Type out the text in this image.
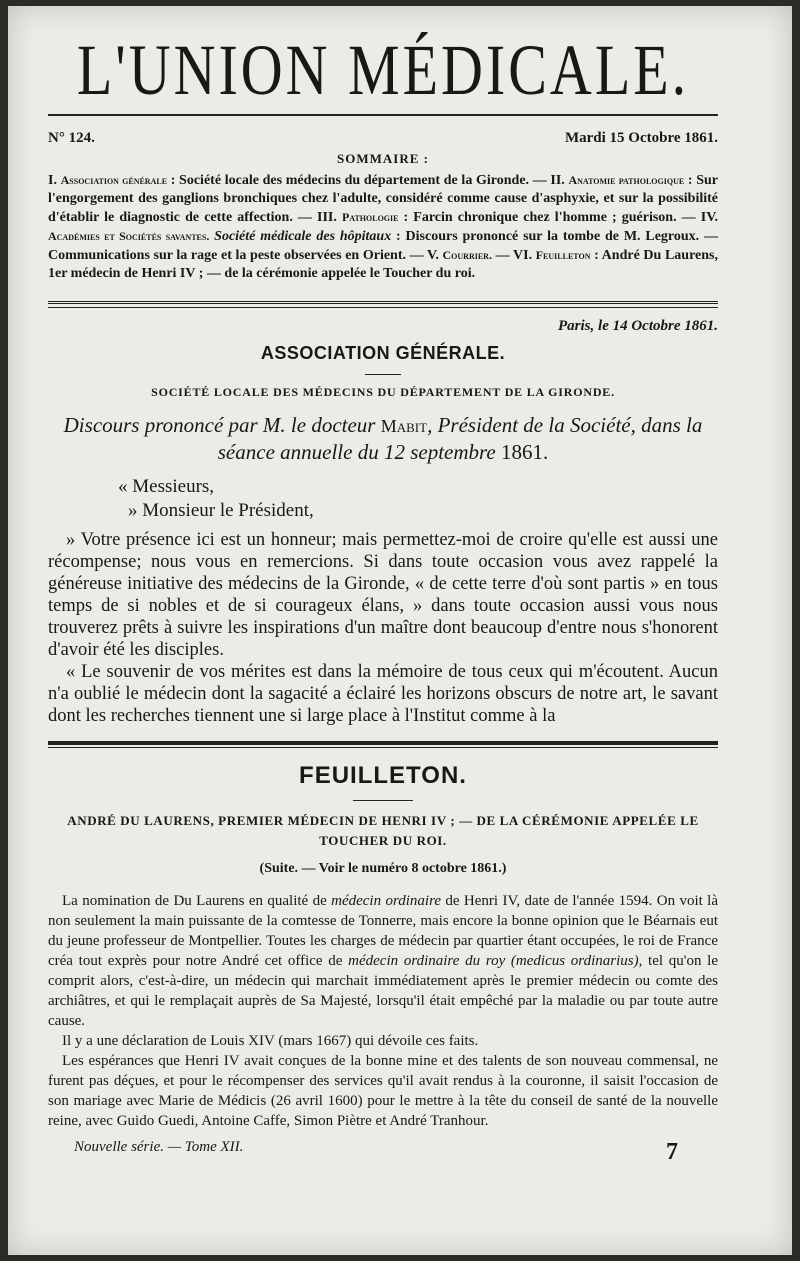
L'UNION MÉDICALE.
N° 124.	Mardi 15 Octobre 1861.
SOMMAIRE :
I. Association générale : Société locale des médecins du département de la Gironde. — II. Anatomie pathologique : Sur l'engorgement des ganglions bronchiques chez l'adulte, considéré comme cause d'asphyxie, et sur la possibilité d'établir le diagnostic de cette affection. — III. Pathologie : Farcin chronique chez l'homme ; guérison. — IV. Académies et Sociétés savantes. Société médicale des hôpitaux : Discours prononcé sur la tombe de M. Legroux. — Communications sur la rage et la peste observées en Orient. — V. Courrier. — VI. Feuilleton : André Du Laurens, 1er médecin de Henri IV ; — de la cérémonie appelée le Toucher du roi.
Paris, le 14 Octobre 1861.
ASSOCIATION GÉNÉRALE.
SOCIÉTÉ LOCALE DES MÉDECINS DU DÉPARTEMENT DE LA GIRONDE.
Discours prononcé par M. le docteur Mabit, Président de la Société, dans la séance annuelle du 12 septembre 1861.
« Messieurs,
» Monsieur le Président,

» Votre présence ici est un honneur; mais permettez-moi de croire qu'elle est aussi une récompense; nous vous en remercions. Si dans toute occasion vous avez rappelé la généreuse initiative des médecins de la Gironde, « de cette terre d'où sont partis » en tous temps de si nobles et de si courageux élans, » dans toute occasion aussi vous nous trouverez prêts à suivre les inspirations d'un maître dont beaucoup d'entre nous s'honorent d'avoir été les disciples.

« Le souvenir de vos mérites est dans la mémoire de tous ceux qui m'écoutent. Aucun n'a oublié le médecin dont la sagacité a éclairé les horizons obscurs de notre art, le savant dont les recherches tiennent une si large place à l'Institut comme à la

FEUILLETON.
ANDRÉ DU LAURENS, PREMIER MÉDECIN DE HENRI IV ; — DE LA CÉRÉMONIE APPELÉE LE TOUCHER DU ROI.
(Suite. — Voir le numéro 8 octobre 1861.)

La nomination de Du Laurens en qualité de médecin ordinaire de Henri IV, date de l'année 1594. On voit là non seulement la main puissante de la comtesse de Tonnerre, mais encore la bonne opinion que le Béarnais eut du jeune professeur de Montpellier. Toutes les charges de médecin par quartier étant occupées, le roi de France créa tout exprès pour notre André cet office de médecin ordinaire du roy (medicus ordinarius), tel qu'on le comprit alors, c'est-à-dire, un médecin qui marchait immédiatement après le premier médecin ou comte des archiâtres, et qui le remplaçait auprès de Sa Majesté, lorsqu'il était empêché par la maladie ou par toute autre cause.

Il y a une déclaration de Louis XIV (mars 1667) qui dévoile ces faits.

Les espérances que Henri IV avait conçues de la bonne mine et des talents de son nouveau commensal, ne furent pas déçues, et pour le récompenser des services qu'il avait rendus à la couronne, il saisit l'occasion de son mariage avec Marie de Médicis (26 avril 1600) pour le mettre à la tête du conseil de santé de la nouvelle reine, avec Guido Guedi, Antoine Caffe, Simon Piètre et André Tranhour.

Nouvelle série. — Tome XII.	7
